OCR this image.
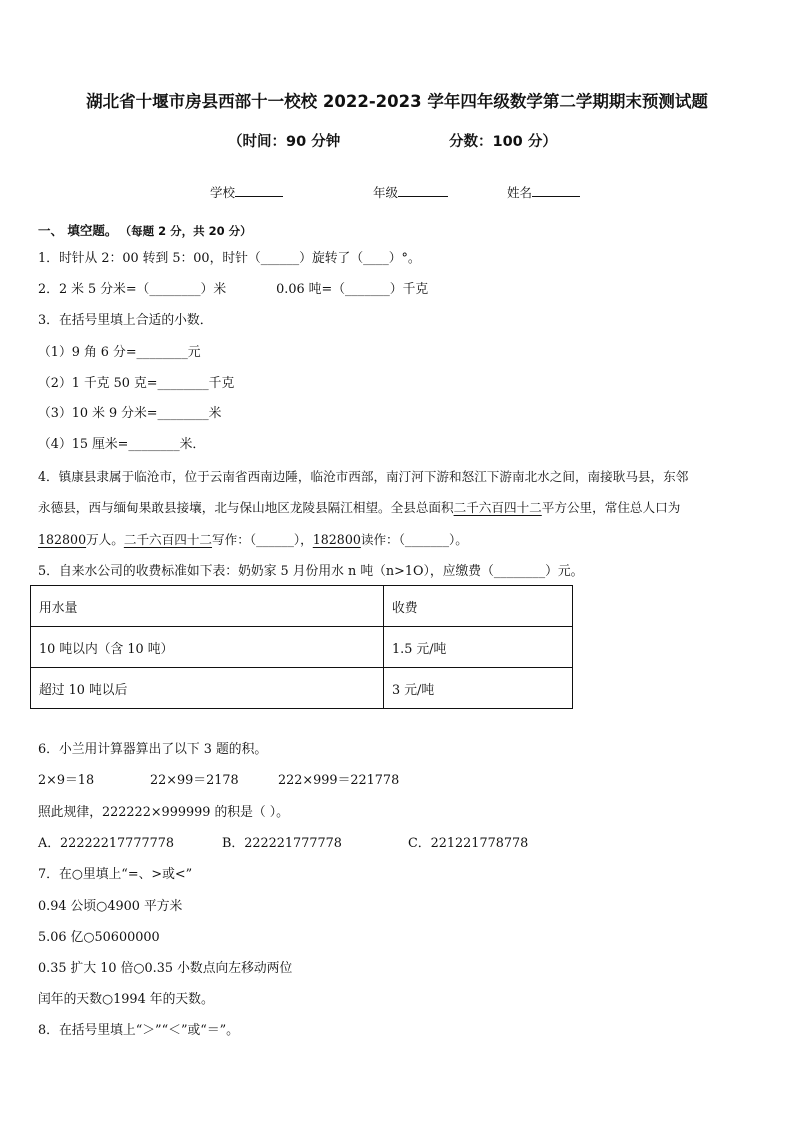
湖北省十堰市房县西部十一校校 2022-2023 学年四年级数学第二学期期末预测试题
（时间：90 分钟	分数：100 分）
学校	年级	姓名
一、 填空题。 （每题 2 分，共 20 分）
1．时针从 2：00 转到 5：00，时针（______）旋转了（____）°。
2．2 米 5 分米=（________）米	0.06 吨=（_______）千克
3．在括号里填上合适的小数．
（1）9 角 6 分=________元
（2）1 千克 50 克=________千克
（3）10 米 9 分米=________米
（4）15 厘米=________米．
4．镇康县隶属于临沧市，位于云南省西南边陲，临沧市西部，南汀河下游和怒江下游南北水之间，南接耿马县，东邻
永德县，西与缅甸果敢县接壤，北与保山地区龙陵县隔江相望。全县总面积二千六百四十二平方公里，常住总人口为
182800万人。二千六百四十二写作：（______），182800读作：（_______）。
5．自来水公司的收费标准如下表：奶奶家 5 月份用水 n 吨（n>1O），应缴费（________）元。
用水量	收费
10 吨以内（含 10 吨）	1.5 元/吨
超过 10 吨以后	3 元/吨
6．小兰用计算器算出了以下 3 题的积。
2×9＝18	22×99＝2178	222×999＝221778
照此规律，222222×999999 的积是（ ）。
A．22222217777778	B．222221777778	C．221221778778
7．在○里填上“=、>或<”
0.94 公顷○4900 平方米
5.06 亿○50600000
0.35 扩大 10 倍○0.35 小数点向左移动两位
闰年的天数○1994 年的天数。
8．在括号里填上“＞”“＜”或“＝”。
